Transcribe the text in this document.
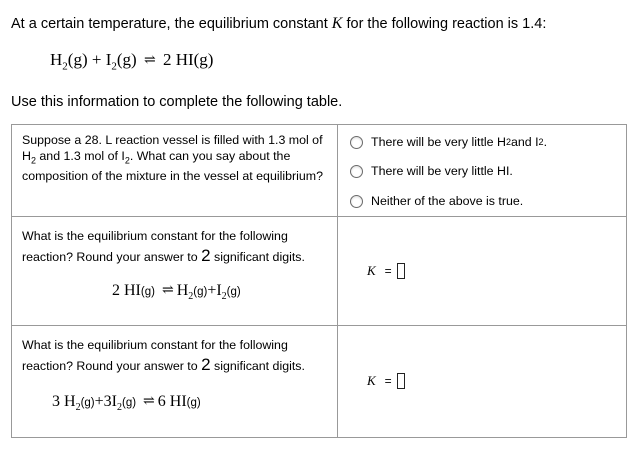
At a certain temperature, the equilibrium constant K for the following reaction is 1.4:
$H_2(g) + I_2(g)$ ⇌ 2 HI(g)
Use this information to complete the following table.
Suppose a 28. L reaction vessel is filled with 1.3 mol of $H_2$ and 1.3 mol of $I_2$. What can you say about the composition of the mixture in the vessel at equilibrium?
There will be very little H 2 and I 2 .
There will be very little HI.
Neither of the above is true.
What is the equilibrium constant for the following reaction? Round your answer to 2 significant digits.
2 HI(g) ⇌ $H_2(g)+I_2(g)$
K =
What is the equilibrium constant for the following reaction? Round your answer to 2 significant digits.
3 $H_2(g)+3I_2(g)$ ⇌ 6 HI(g)
K =
